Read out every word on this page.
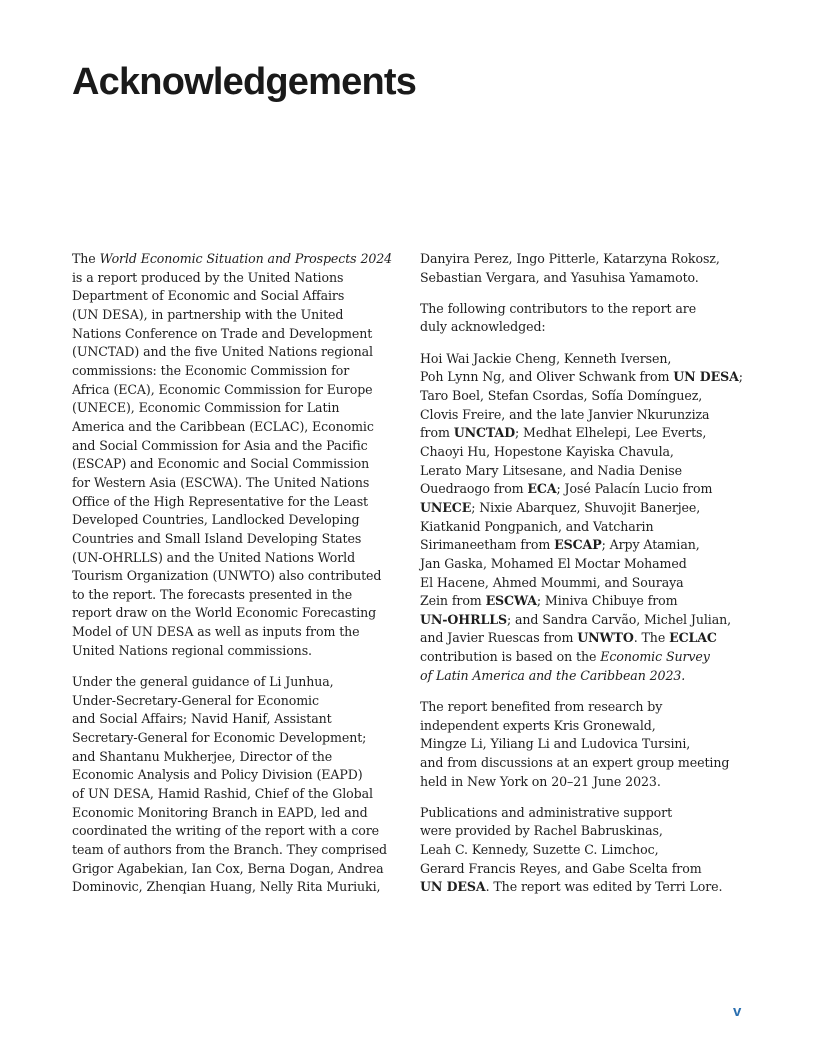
Acknowledgements

The World Economic Situation and Prospects 2024
is a report produced by the United Nations
Department of Economic and Social Affairs
(UN DESA), in partnership with the United
Nations Conference on Trade and Development
(UNCTAD) and the five United Nations regional
commissions: the Economic Commission for
Africa (ECA), Economic Commission for Europe
(UNECE), Economic Commission for Latin
America and the Caribbean (ECLAC), Economic
and Social Commission for Asia and the Pacific
(ESCAP) and Economic and Social Commission
for Western Asia (ESCWA). The United Nations
Office of the High Representative for the Least
Developed Countries, Landlocked Developing
Countries and Small Island Developing States
(UN-OHRLLS) and the United Nations World
Tourism Organization (UNWTO) also contributed
to the report. The forecasts presented in the
report draw on the World Economic Forecasting
Model of UN DESA as well as inputs from the
United Nations regional commissions.

Under the general guidance of Li Junhua,
Under-Secretary-General for Economic
and Social Affairs; Navid Hanif, Assistant
Secretary-General for Economic Development;
and Shantanu Mukherjee, Director of the
Economic Analysis and Policy Division (EAPD)
of UN DESA, Hamid Rashid, Chief of the Global
Economic Monitoring Branch in EAPD, led and
coordinated the writing of the report with a core
team of authors from the Branch. They comprised
Grigor Agabekian, Ian Cox, Berna Dogan, Andrea
Dominovic, Zhenqian Huang, Nelly Rita Muriuki,

Danyira Perez, Ingo Pitterle, Katarzyna Rokosz,
Sebastian Vergara, and Yasuhisa Yamamoto.

The following contributors to the report are
duly acknowledged:

Hoi Wai Jackie Cheng, Kenneth Iversen,
Poh Lynn Ng, and Oliver Schwank from UN DESA;
Taro Boel, Stefan Csordas, Sofía Domínguez,
Clovis Freire, and the late Janvier Nkurunziza
from UNCTAD; Medhat Elhelepi, Lee Everts,
Chaoyi Hu, Hopestone Kayiska Chavula,
Lerato Mary Litsesane, and Nadia Denise
Ouedraogo from ECA; José Palacín Lucio from
UNECE; Nixie Abarquez, Shuvojit Banerjee,
Kiatkanid Pongpanich, and Vatcharin
Sirimaneetham from ESCAP; Arpy Atamian,
Jan Gaska, Mohamed El Moctar Mohamed
El Hacene, Ahmed Moummi, and Souraya
Zein from ESCWA; Miniva Chibuye from
UN-OHRLLS; and Sandra Carvão, Michel Julian,
and Javier Ruescas from UNWTO. The ECLAC
contribution is based on the Economic Survey
of Latin America and the Caribbean 2023.

The report benefited from research by
independent experts Kris Gronewald,
Mingze Li, Yiliang Li and Ludovica Tursini,
and from discussions at an expert group meeting
held in New York on 20–21 June 2023.

Publications and administrative support
were provided by Rachel Babruskinas,
Leah C. Kennedy, Suzette C. Limchoc,
Gerard Francis Reyes, and Gabe Scelta from
UN DESA. The report was edited by Terri Lore.

v
